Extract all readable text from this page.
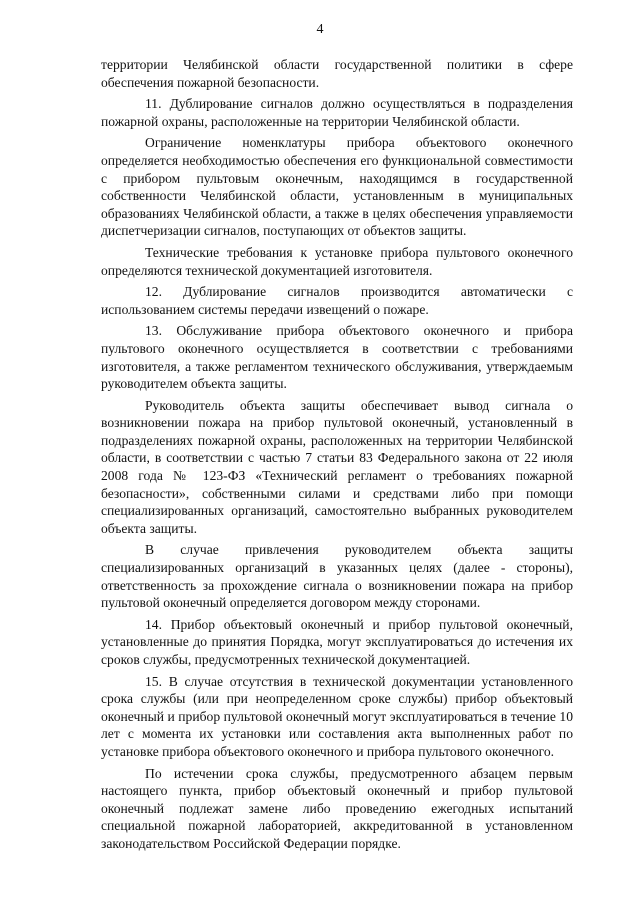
4

территории Челябинской области государственной политики в сфере обеспечения пожарной безопасности.

11. Дублирование сигналов должно осуществляться в подразделения пожарной охраны, расположенные на территории Челябинской области.

Ограничение номенклатуры прибора объектового оконечного определяется необходимостью обеспечения его функциональной совместимости с прибором пультовым оконечным, находящимся в государственной собственности Челябинской области, установленным в муниципальных образованиях Челябинской области, а также в целях обеспечения управляемости диспетчеризации сигналов, поступающих от объектов защиты.

Технические требования к установке прибора пультового оконечного определяются технической документацией изготовителя.

12. Дублирование сигналов производится автоматически с использованием системы передачи извещений о пожаре.

13. Обслуживание прибора объектового оконечного и прибора пультового оконечного осуществляется в соответствии с требованиями изготовителя, а также регламентом технического обслуживания, утверждаемым руководителем объекта защиты.

Руководитель объекта защиты обеспечивает вывод сигнала о возникновении пожара на прибор пультовой оконечный, установленный в подразделениях пожарной охраны, расположенных на территории Челябинской области, в соответствии с частью 7 статьи 83 Федерального закона от 22 июля 2008 года № 123-ФЗ «Технический регламент о требованиях пожарной безопасности», собственными силами и средствами либо при помощи специализированных организаций, самостоятельно выбранных руководителем объекта защиты.

В случае привлечения руководителем объекта защиты специализированных организаций в указанных целях (далее - стороны), ответственность за прохождение сигнала о возникновении пожара на прибор пультовой оконечный определяется договором между сторонами.

14. Прибор объектовый оконечный и прибор пультовой оконечный, установленные до принятия Порядка, могут эксплуатироваться до истечения их сроков службы, предусмотренных технической документацией.

15. В случае отсутствия в технической документации установленного срока службы (или при неопределенном сроке службы) прибор объектовый оконечный и прибор пультовой оконечный могут эксплуатироваться в течение 10 лет с момента их установки или составления акта выполненных работ по установке прибора объектового оконечного и прибора пультового оконечного.

По истечении срока службы, предусмотренного абзацем первым настоящего пункта, прибор объектовый оконечный и прибор пультовой оконечный подлежат замене либо проведению ежегодных испытаний специальной пожарной лабораторией, аккредитованной в установленном законодательством Российской Федерации порядке.
